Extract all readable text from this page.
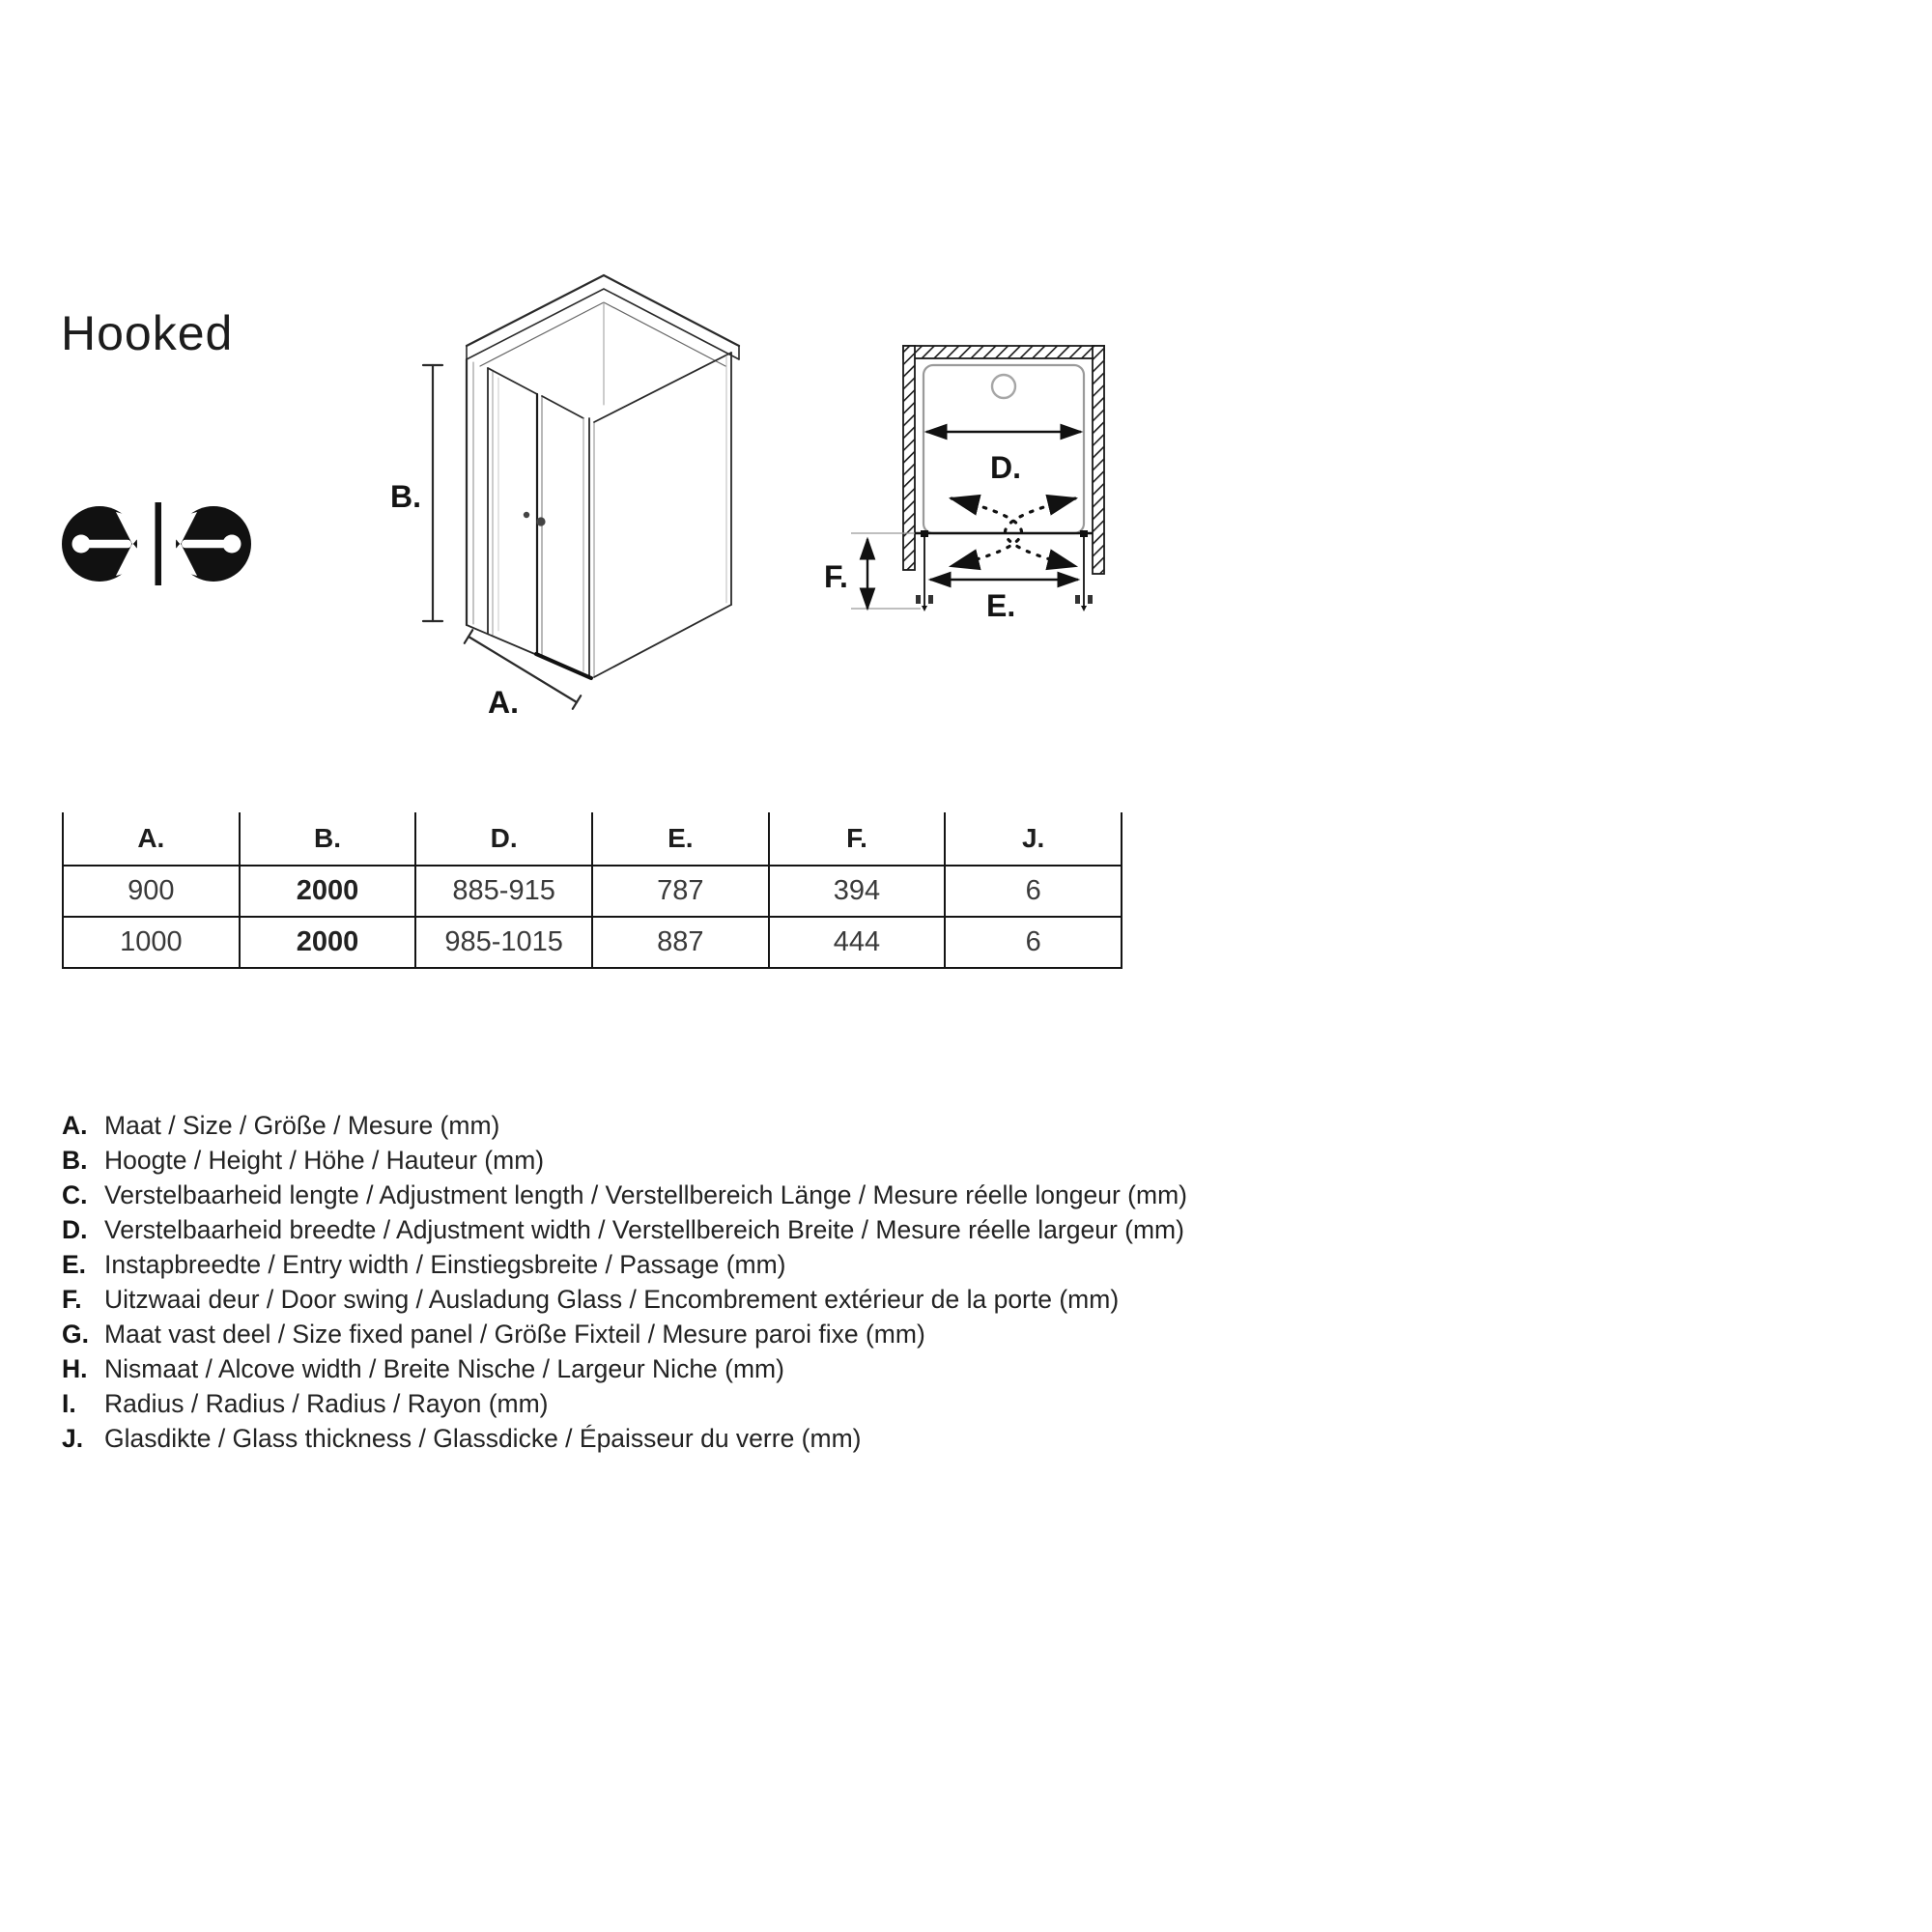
Hooked
B.
A.
D.
E.
F.
A.	B.	D.	E.	F.	J.
900	2000	885-915	787	394	6
1000	2000	985-1015	887	444	6
A. Maat / Size / Größe / Mesure (mm)
B. Hoogte / Height / Höhe / Hauteur (mm)
C. Verstelbaarheid lengte / Adjustment length / Verstellbereich Länge / Mesure réelle longeur (mm)
D. Verstelbaarheid breedte / Adjustment width / Verstellbereich Breite / Mesure réelle largeur (mm)
E. Instapbreedte / Entry width / Einstiegsbreite / Passage (mm)
F. Uitzwaai deur / Door swing / Ausladung Glass / Encombrement extérieur de la porte (mm)
G. Maat vast deel / Size fixed panel / Größe Fixteil / Mesure paroi fixe (mm)
H. Nismaat / Alcove width / Breite Nische / Largeur Niche (mm)
I.	Radius / Radius / Radius / Rayon (mm)
J. Glasdikte / Glass thickness / Glassdicke / Épaisseur du verre (mm)
